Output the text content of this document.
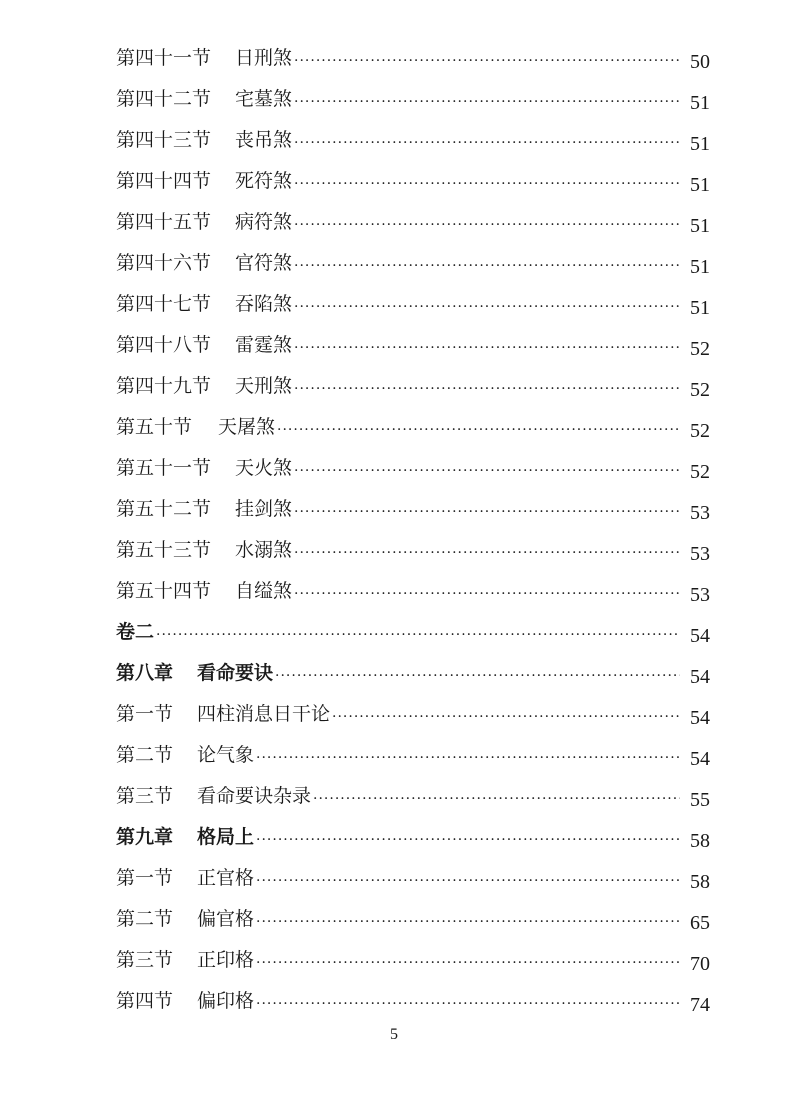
第四十一节 日刑煞 ·····	50
第四十二节 宅墓煞 ·····	51
第四十三节 丧吊煞 ·····	51
第四十四节 死符煞 ·····	51
第四十五节 病符煞 ·····	51
第四十六节 官符煞 ·····	51
第四十七节 吞陷煞 ·····	51
第四十八节 雷霆煞 ·····	52
第四十九节 天刑煞 ·····	52
第五十节 天屠煞 ·····	52
第五十一节 天火煞 ·····	52
第五十二节 挂剑煞 ·····	53
第五十三节 水溺煞 ·····	53
第五十四节 自缢煞 ·····	53
卷二 ·····	54
第八章 看命要诀 ·····	54
第一节 四柱消息日干论 ·····	54
第二节 论气象 ·····	54
第三节 看命要诀杂录 ·····	55
第九章 格局上 ·····	58
第一节 正官格 ·····	58
第二节 偏官格 ·····	65
第三节 正印格 ·····	70
第四节 偏印格 ·····	74
5
